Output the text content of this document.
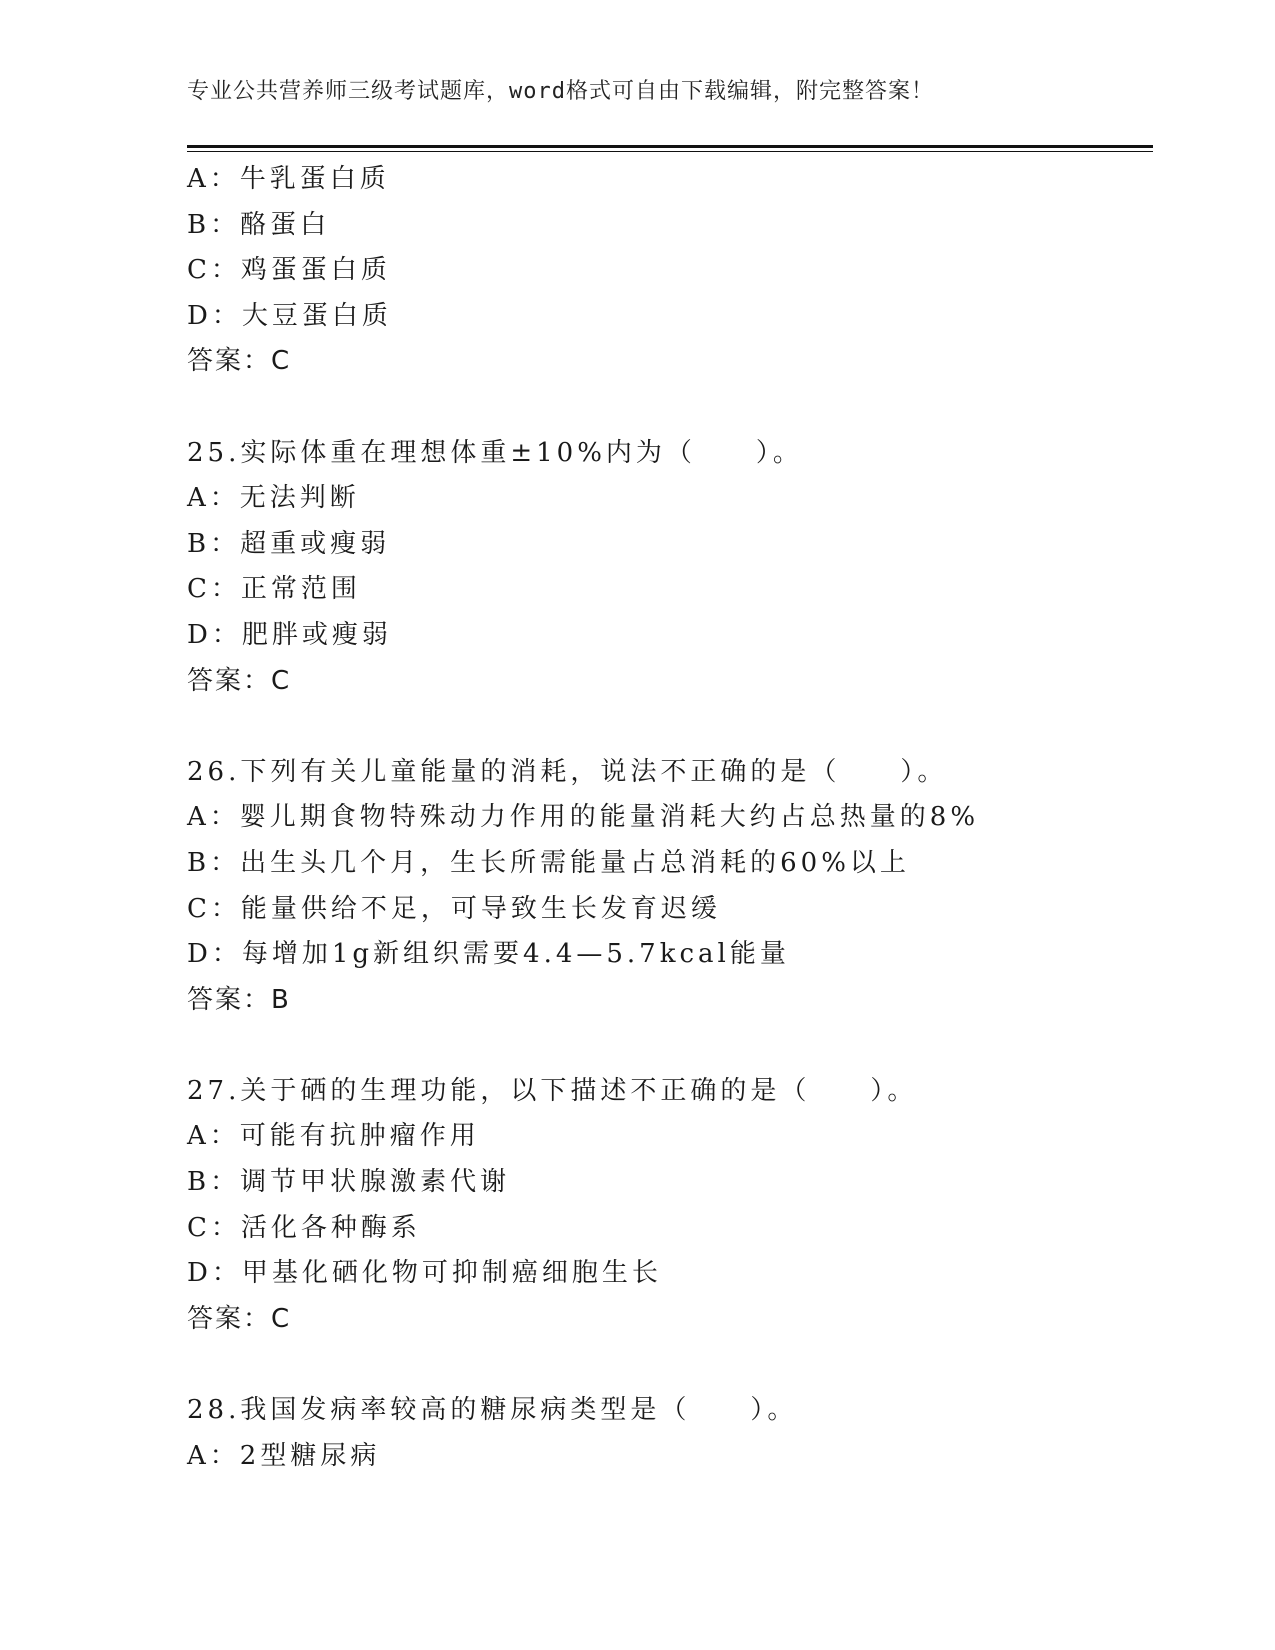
专业公共营养师三级考试题库，word格式可自由下载编辑，附完整答案！
A：牛乳蛋白质
B：酪蛋白
C：鸡蛋蛋白质
D：大豆蛋白质
答案：C
25.实际体重在理想体重±10%内为（　　）。
A：无法判断
B：超重或瘦弱
C：正常范围
D：肥胖或瘦弱
答案：C
26.下列有关儿童能量的消耗，说法不正确的是（　　）。
A：婴儿期食物特殊动力作用的能量消耗大约占总热量的8%
B：出生头几个月，生长所需能量占总消耗的60%以上
C：能量供给不足，可导致生长发育迟缓
D：每增加1g新组织需要4.4—5.7kcal能量
答案：B
27.关于硒的生理功能，以下描述不正确的是（　　）。
A：可能有抗肿瘤作用
B：调节甲状腺激素代谢
C：活化各种酶系
D：甲基化硒化物可抑制癌细胞生长
答案：C
28.我国发病率较高的糖尿病类型是（　　）。
A：2型糖尿病
